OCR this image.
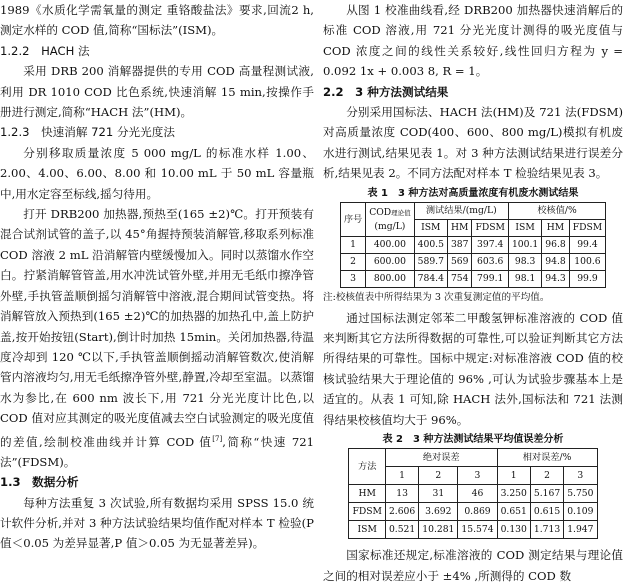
1989《水质化学需氧量的测定 重铬酸盐法》要求,回流2 h,测定水样的 COD 值,简称“国标法”(ISM)。

1.2.2　HACH 法

采用 DRB 200 消解器提供的专用 COD 高量程测试液,利用 DR 1010 COD 比色系统,快速消解 15 min,按操作手册进行测定,简称“HACH 法”(HM)。

1.2.3　快速消解 721 分光光度法

分别移取质量浓度 5 000 mg/L 的标准水样 1.00、2.00、4.00、6.00、8.00 和 10.00 mL 于 50 mL 容量瓶中,用水定容至标线,摇匀待用。

打开 DRB200 加热器,预热至(165 ±2)℃。打开预装有混合试剂试管的盖子,以 45°角握持预装消解管,移取系列标准 COD 溶液 2 mL 沿消解管内壁缓慢加入。同时以蒸馏水作空白。拧紧消解管管盖,用水冲洗试管外壁,并用无毛纸巾擦净管外壁,手执管盖顺倒摇匀消解管中溶液,混合期间试管变热。将消解管放入预热到(165 ±2)℃的加热器的加热孔中,盖上防护盖,按开始按钮(Start),倒计时加热 15min。关闭加热器,待温度冷却到 120 ℃以下,手执管盖顺倒摇动消解管数次,使消解管内溶液均匀,用无毛纸擦净管外壁,静置,冷却至室温。以蒸馏水为参比,在 600 nm 波长下,用 721 分光光度计比色,以 COD 值对应其测定的吸光度值减去空白试验测定的吸光度值的差值,绘制校准曲线并计算 COD 值[7],简称“快速 721 法”(FDSM)。

1.3　数据分析

每种方法重复 3 次试验,所有数据均采用 SPSS 15.0 统计软件分析,并对 3 种方法试验结果均值作配对样本 T 检验(P 值＜0.05 为差异显著,P 值＞0.05 为无显著差异)。

从图 1 校准曲线看,经 DRB200 加热器快速消解后的标准 COD 溶液,用 721 分光光度计测得的吸光度值与 COD 浓度之间的线性关系较好,线性回归方程为 y = 0.092 1x + 0.003 8, R = 1。

2.2　3 种方法测试结果

分别采用国标法、HACH 法(HM)及 721 法(FDSM)对高质量浓度 COD(400、600、800 mg/L)模拟有机废水进行测试,结果见表 1。对 3 种方法测试结果进行误差分析,结果见表 2。不同方法配对样本 T 检验结果见表 3。

表 1　3 种方法对高质量浓度有机废水测试结果
序号	COD理论值
(mg/L)	测试结果/(mg/L)			校核值/%		
		ISM	HM	FDSM	ISM	HM	FDSM
1	400.00	400.5	387	397.4	100.1	96.8	99.4
2	600.00	589.7	569	603.6	98.3	94.8	100.6
3	800.00	784.4	754	799.1	98.1	94.3	99.9

注:校核值表中所得结果为 3 次重复测定值的平均值。

通过国标法测定邻苯二甲酸氢钾标准溶液的 COD 值来判断其它方法所得数据的可靠性,可以验证判断其它方法所得结果的可靠性。国标中规定:对标准溶液 COD 值的校核试验结果大于理论值的 96% ,可认为试验步骤基本上是适宜的。从表 1 可知,除 HACH 法外,国标法和 721 法测得结果校核值均大于 96%。

表 2　3 种方法测试结果平均值误差分析
方法	绝对误差			相对误差/%		
	1	2	3	1	2	3
HM	13	31	46	3.250	5.167	5.750
FDSM	2.606	3.692	0.869	0.651	0.615	0.109
ISM	0.521	10.281	15.574	0.130	1.713	1.947

国家标准还规定,标准溶液的 COD 测定结果与理论值之间的相对误差应小于 ±4% ,所测得的 COD 数
